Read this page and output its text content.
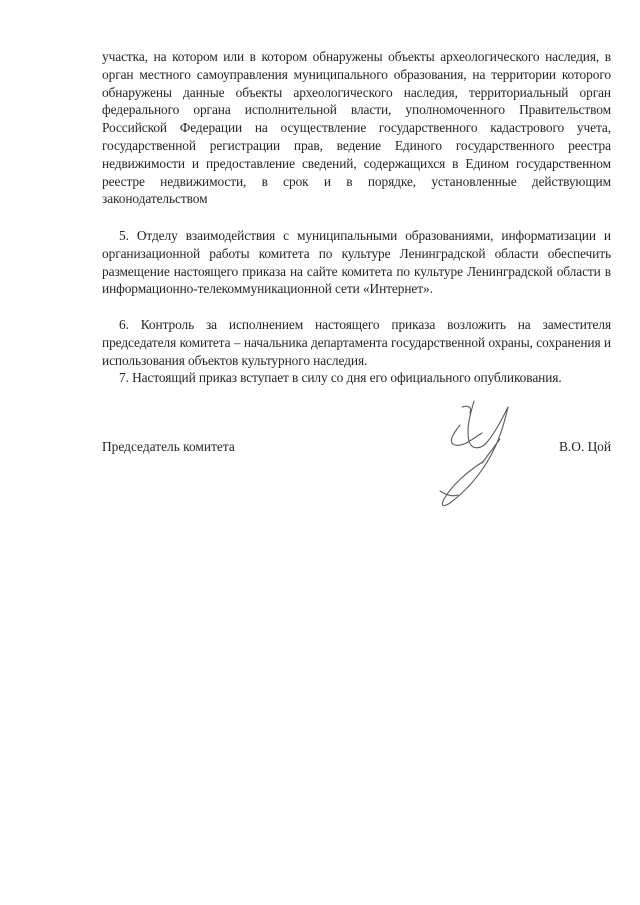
участка, на котором или в котором обнаружены объекты археологического наследия, в орган местного самоуправления муниципального образования, на территории которого обнаружены данные объекты археологического наследия, территориальный орган федерального органа исполнительной власти, уполномоченного Правительством Российской Федерации на осуществление государственного кадастрового учета, государственной регистрации прав, ведение Единого государственного реестра недвижимости и предоставление сведений, содержащихся в Едином государственном реестре недвижимости, в срок и в порядке, установленные действующим законодательством

5. Отделу взаимодействия с муниципальными образованиями, информатизации и организационной работы комитета по культуре Ленинградской области обеспечить размещение настоящего приказа на сайте комитета по культуре Ленинградской области в информационно-телекоммуникационной сети «Интернет».

6. Контроль за исполнением настоящего приказа возложить на заместителя председателя комитета – начальника департамента государственной охраны, сохранения и использования объектов культурного наследия.

7. Настоящий приказ вступает в силу со дня его официального опубликования.

Председатель комитета	В.О. Цой
